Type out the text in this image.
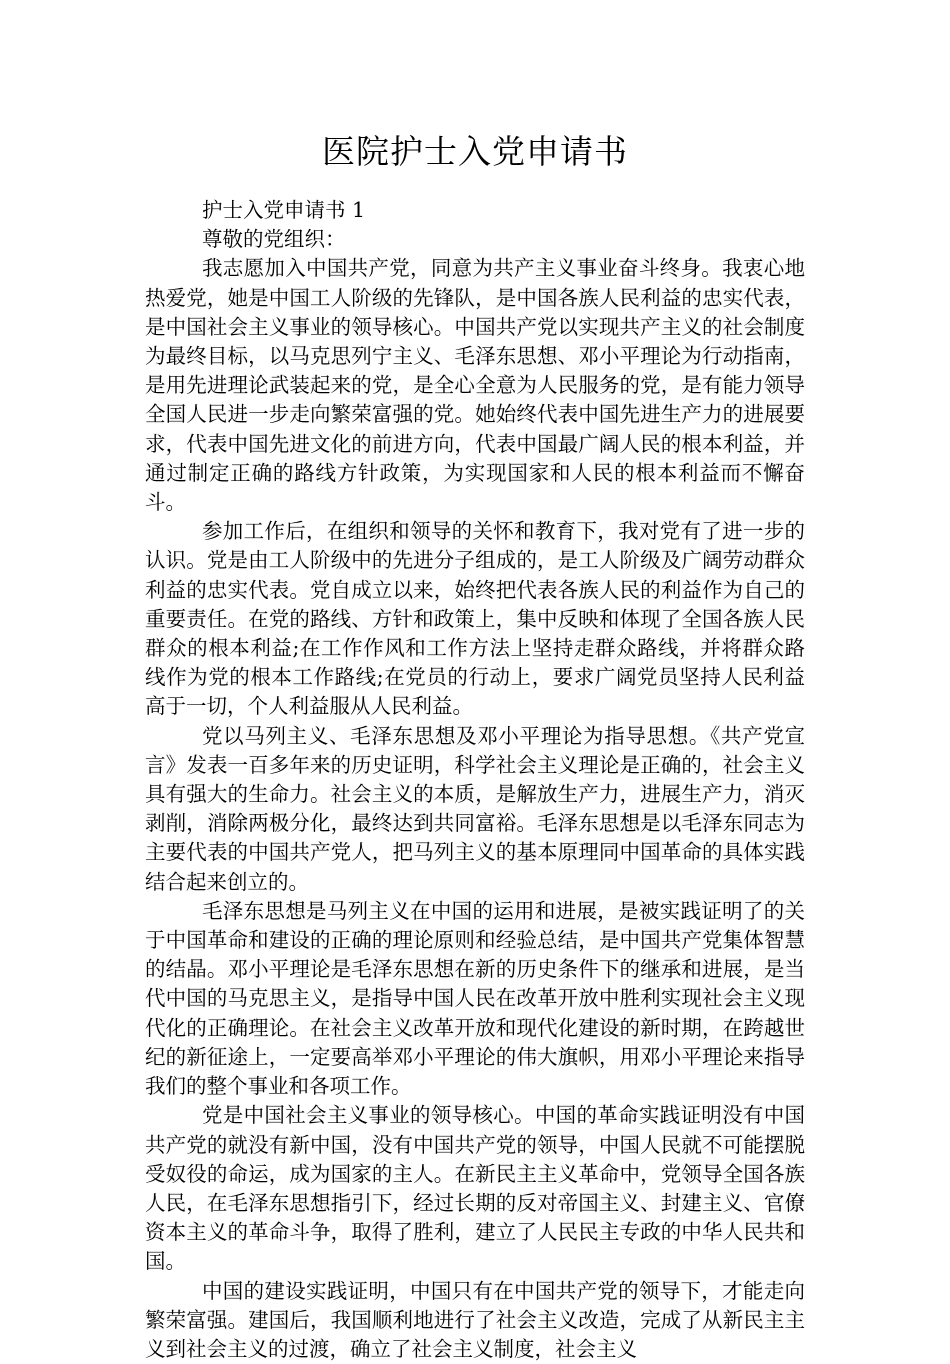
医院护士入党申请书

护士入党申请书 1

尊敬的党组织：

我志愿加入中国共产党，同意为共产主义事业奋斗终身。我衷心地热爱党，她是中国工人阶级的先锋队，是中国各族人民利益的忠实代表，是中国社会主义事业的领导核心。中国共产党以实现共产主义的社会制度为最终目标，以马克思列宁主义、毛泽东思想、邓小平理论为行动指南，是用先进理论武装起来的党，是全心全意为人民服务的党，是有能力领导全国人民进一步走向繁荣富强的党。她始终代表中国先进生产力的进展要求，代表中国先进文化的前进方向，代表中国最广阔人民的根本利益，并通过制定正确的路线方针政策，为实现国家和人民的根本利益而不懈奋斗。

参加工作后，在组织和领导的关怀和教育下，我对党有了进一步的认识。党是由工人阶级中的先进分子组成的，是工人阶级及广阔劳动群众利益的忠实代表。党自成立以来，始终把代表各族人民的利益作为自己的重要责任。在党的路线、方针和政策上，集中反映和体现了全国各族人民群众的根本利益;在工作作风和工作方法上坚持走群众路线，并将群众路线作为党的根本工作路线;在党员的行动上，要求广阔党员坚持人民利益高于一切，个人利益服从人民利益。

党以马列主义、毛泽东思想及邓小平理论为指导思想。《共产党宣言》发表一百多年来的历史证明，科学社会主义理论是正确的，社会主义具有强大的生命力。社会主义的本质，是解放生产力，进展生产力，消灭剥削，消除两极分化，最终达到共同富裕。毛泽东思想是以毛泽东同志为主要代表的中国共产党人，把马列主义的基本原理同中国革命的具体实践结合起来创立的。

毛泽东思想是马列主义在中国的运用和进展，是被实践证明了的关于中国革命和建设的正确的理论原则和经验总结，是中国共产党集体智慧的结晶。邓小平理论是毛泽东思想在新的历史条件下的继承和进展，是当代中国的马克思主义，是指导中国人民在改革开放中胜利实现社会主义现代化的正确理论。在社会主义改革开放和现代化建设的新时期，在跨越世纪的新征途上，一定要高举邓小平理论的伟大旗帜，用邓小平理论来指导我们的整个事业和各项工作。

党是中国社会主义事业的领导核心。中国的革命实践证明没有中国共产党的就没有新中国，没有中国共产党的领导，中国人民就不可能摆脱受奴役的命运，成为国家的主人。在新民主主义革命中，党领导全国各族人民，在毛泽东思想指引下，经过长期的反对帝国主义、封建主义、官僚资本主义的革命斗争，取得了胜利，建立了人民民主专政的中华人民共和国。

中国的建设实践证明，中国只有在中国共产党的领导下，才能走向繁荣富强。建国后，我国顺利地进行了社会主义改造，完成了从新民主主义到社会主义的过渡，确立了社会主义制度，社会主义
